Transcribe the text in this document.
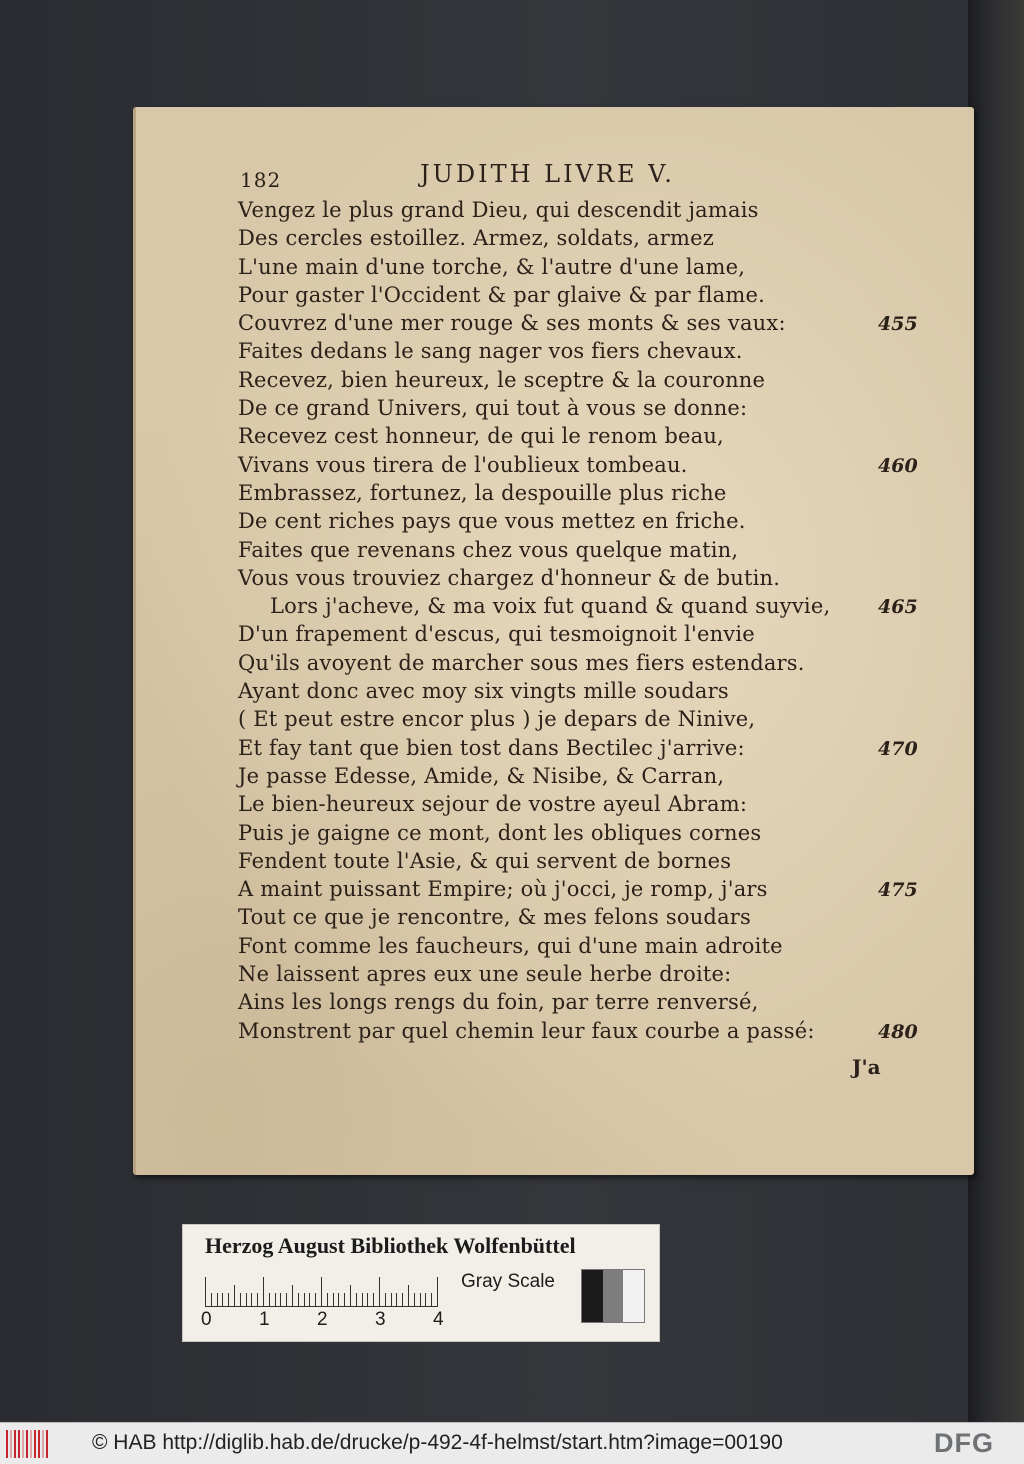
182	JUDITH LIVRE V.
Vengez le plus grand Dieu, qui descendit jamais
Des cercles estoillez. Armez, soldats, armez
L'une main d'une torche, & l'autre d'une lame,
Pour gaster l'Occident & par glaive & par flame.
Couvrez d'une mer rouge & ses monts & ses vaux:
Faites dedans le sang nager vos fiers chevaux.
Recevez, bien heureux, le sceptre & la couronne
De ce grand Univers, qui tout à vous se donne:
Recevez cest honneur, de qui le renom beau,
Vivans vous tirera de l'oublieux tombeau.
Embrassez, fortunez, la despouille plus riche
De cent riches pays que vous mettez en friche.
Faites que revenans chez vous quelque matin,
Vous vous trouviez chargez d'honneur & de butin.
Lors j'acheve, & ma voix fut quand & quand suyvie,
D'un frapement d'escus, qui tesmoignoit l'envie
Qu'ils avoyent de marcher sous mes fiers estendars.
Ayant donc avec moy six vingts mille soudars
( Et peut estre encor plus ) je depars de Ninive,
Et fay tant que bien tost dans Bectilec j'arrive:
Je passe Edesse, Amide, & Nisibe, & Carran,
Le bien-heureux sejour de vostre ayeul Abram:
Puis je gaigne ce mont, dont les obliques cornes
Fendent toute l'Asie, & qui servent de bornes
A maint puissant Empire; où j'occi, je romp, j'ars
Tout ce que je rencontre, & mes felons soudars
Font comme les faucheurs, qui d'une main adroite
Ne laissent apres eux une seule herbe droite:
Ains les longs rengs du foin, par terre renversé,
Monstrent par quel chemin leur faux courbe a passé:
455
460
465
470
475
480
J'a
Herzog August Bibliothek Wolfenbüttel
0 1 2 3 4
Gray Scale
© HAB http://diglib.hab.de/drucke/p-492-4f-helmst/start.htm?image=00190	DFG
